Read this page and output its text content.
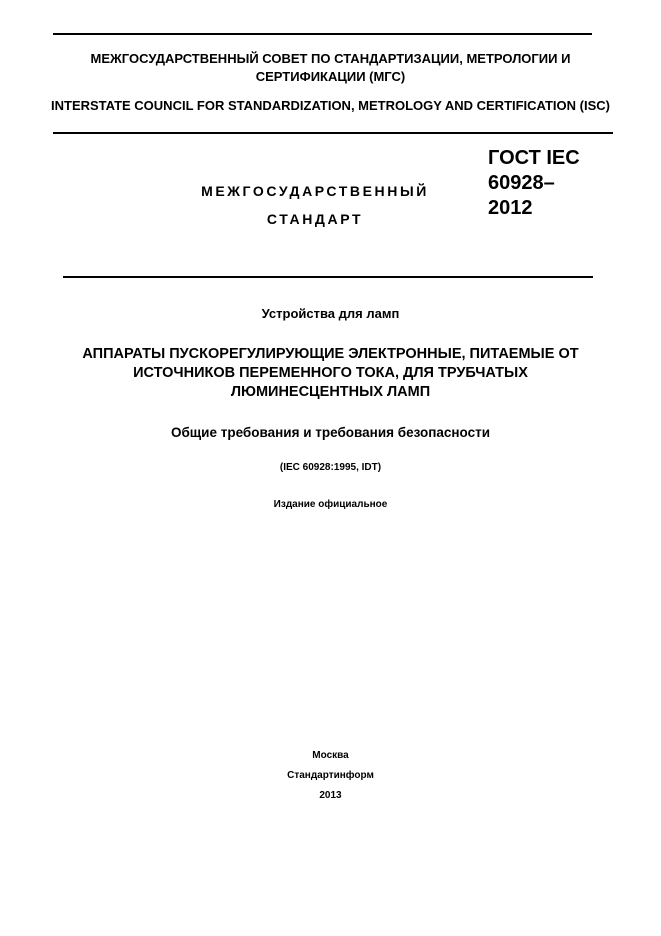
МЕЖГОСУДАРСТВЕННЫЙ СОВЕТ ПО СТАНДАРТИЗАЦИИ, МЕТРОЛОГИИ И СЕРТИФИКАЦИИ (МГС)
INTERSTATE COUNCIL FOR STANDARDIZATION, METROLOGY AND CERTIFICATION (ISC)
МЕЖГОСУДАРСТВЕННЫЙ
СТАНДАРТ
ГОСТ IEC
60928–
2012
Устройства для ламп
АППАРАТЫ ПУСКОРЕГУЛИРУЮЩИЕ ЭЛЕКТРОННЫЕ, ПИТАЕМЫЕ ОТ
ИСТОЧНИКОВ ПЕРЕМЕННОГО ТОКА, ДЛЯ ТРУБЧАТЫХ
ЛЮМИНЕСЦЕНТНЫХ ЛАМП
Общие требования и требования безопасности
(IEC 60928:1995, IDT)
Издание официальное
Москва
Стандартинформ
2013
